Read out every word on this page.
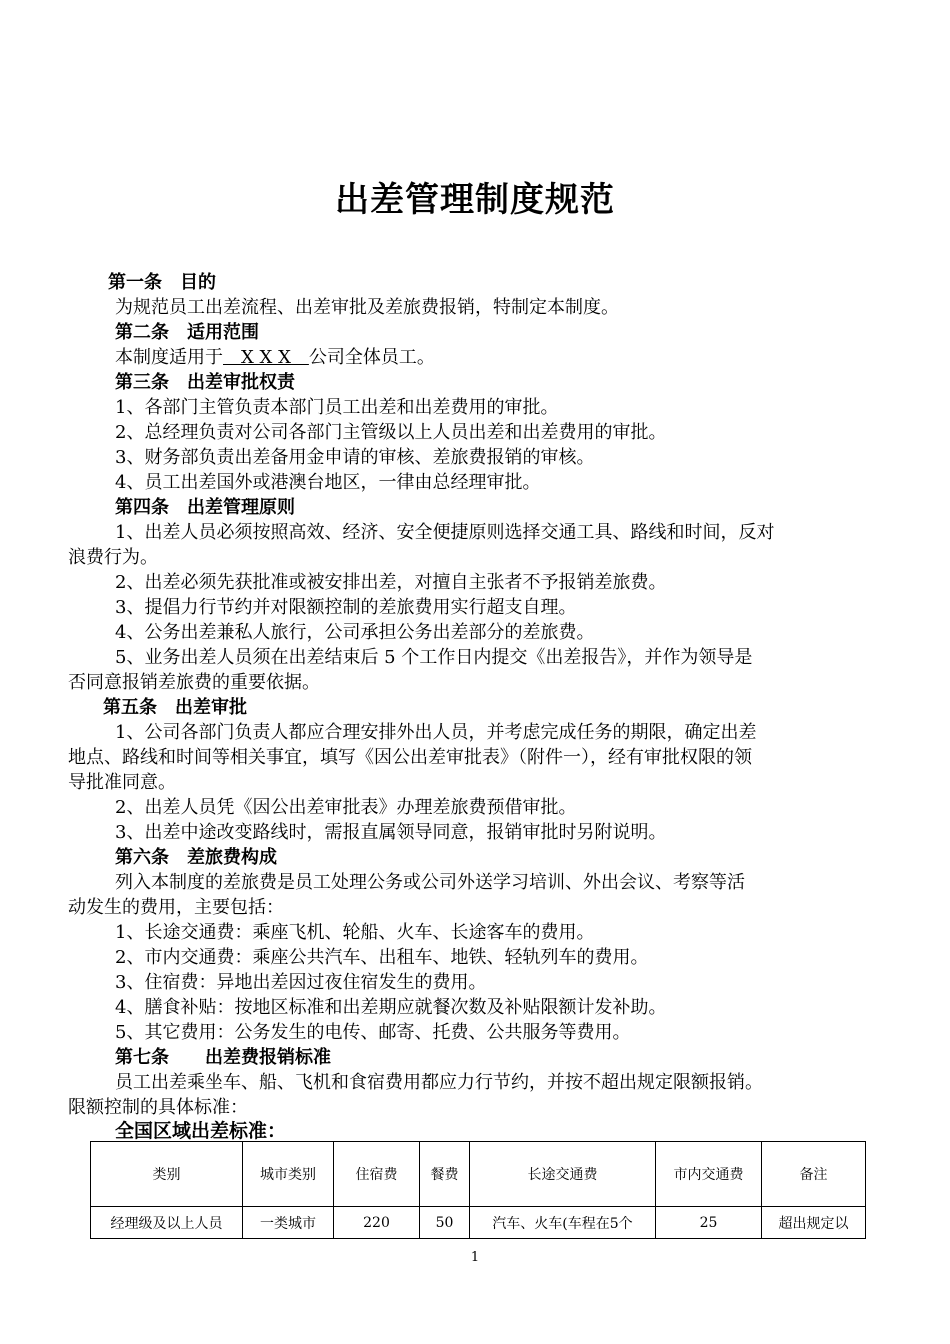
出差管理制度规范
第一条　目的
为规范员工出差流程、出差审批及差旅费报销，特制定本制度。
第二条　适用范围
本制度适用于　X X X　公司全体员工。
第三条　出差审批权责
1、各部门主管负责本部门员工出差和出差费用的审批。
2、总经理负责对公司各部门主管级以上人员出差和出差费用的审批。
3、财务部负责出差备用金申请的审核、差旅费报销的审核。
4、员工出差国外或港澳台地区，一律由总经理审批。
第四条　出差管理原则
1、出差人员必须按照高效、经济、安全便捷原则选择交通工具、路线和时间，反对
浪费行为。
2、出差必须先获批准或被安排出差，对擅自主张者不予报销差旅费。
3、提倡力行节约并对限额控制的差旅费用实行超支自理。
4、公务出差兼私人旅行，公司承担公务出差部分的差旅费。
5、业务出差人员须在出差结束后 5 个工作日内提交《出差报告》，并作为领导是
否同意报销差旅费的重要依据。
第五条　出差审批
1、公司各部门负责人都应合理安排外出人员，并考虑完成任务的期限，确定出差
地点、路线和时间等相关事宜，填写《因公出差审批表》（附件一），经有审批权限的领
导批准同意。
2、出差人员凭《因公出差审批表》办理差旅费预借审批。
3、出差中途改变路线时，需报直属领导同意，报销审批时另附说明。
第六条　差旅费构成
列入本制度的差旅费是员工处理公务或公司外送学习培训、外出会议、考察等活
动发生的费用，主要包括：
1、长途交通费：乘座飞机、轮船、火车、长途客车的费用。
2、市内交通费：乘座公共汽车、出租车、地铁、轻轨列车的费用。
3、住宿费：异地出差因过夜住宿发生的费用。
4、膳食补贴：按地区标准和出差期应就餐次数及补贴限额计发补助。
5、其它费用：公务发生的电传、邮寄、托费、公共服务等费用。
第七条　　出差费报销标准
员工出差乘坐车、船、飞机和食宿费用都应力行节约，并按不超出规定限额报销。
限额控制的具体标准：
全国区域出差标准：
类别	城市类别	住宿费	餐费	长途交通费	市内交通费	备注
经理级及以上人员	一类城市	220	50	汽车、火车(车程在5个	25	超出规定以
1
